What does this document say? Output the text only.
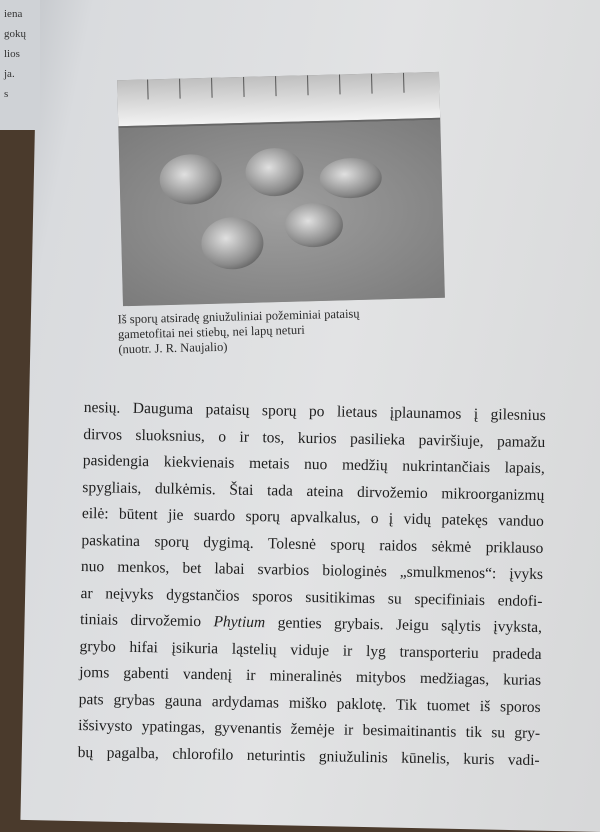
iena
gokų
lios
ja.
s
Iš sporų atsiradę gniužuliniai požeminiai pataisų
gametofitai nei stiebų, nei lapų neturi
(nuotr. J. R. Naujalio)
nesių. Dauguma pataisų sporų po lietaus įplaunamos į gilesnius
dirvos sluoksnius, o ir tos, kurios pasilieka paviršiuje, pamažu
pasidengia kiekvienais metais nuo medžių nukrintančiais lapais,
spygliais, dulkėmis. Štai tada ateina dirvožemio mikroorganizmų
eilė: būtent jie suardo sporų apvalkalus, o į vidų patekęs vanduo
paskatina sporų dygimą. Tolesnė sporų raidos sėkmė priklauso
nuo menkos, bet labai svarbios biologinės „smulkmenos“: įvyks
ar neįvyks dygstančios sporos susitikimas su specifiniais endofi-
tiniais dirvožemio Phytium genties grybais. Jeigu sąlytis įvyksta,
grybo hifai įsikuria ląstelių viduje ir lyg transporteriu pradeda
joms gabenti vandenį ir mineralinės mitybos medžiagas, kurias
pats grybas gauna ardydamas miško paklotę. Tik tuomet iš sporos
išsivysto ypatingas, gyvenantis žemėje ir besimaitinantis tik su gry-
bų pagalba, chlorofilo neturintis gniužulinis kūnelis, kuris vadi-
